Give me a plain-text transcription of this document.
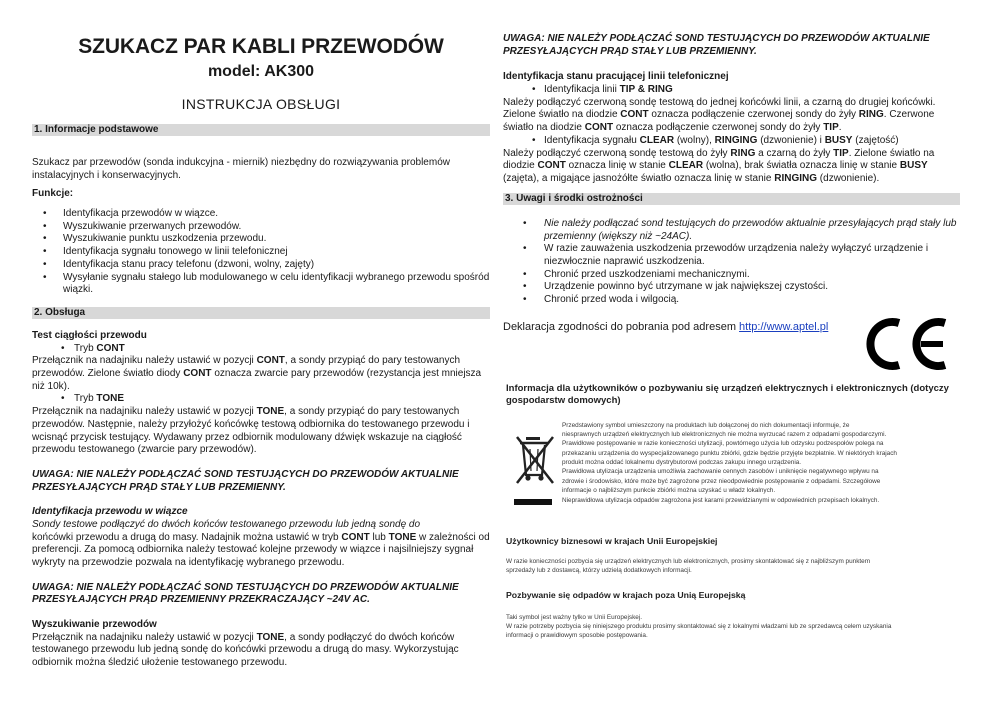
SZUKACZ PAR KABLI PRZEWODÓW
model: AK300
INSTRUKCJA OBSŁUGI
1. Informacje podstawowe

Szukacz par przewodów (sonda indukcyjna - miernik) niezbędny do rozwiązywania problemów instalacyjnych i konserwacyjnych.

Funkcje:

• Identyfikacja przewodów w wiązce.
• Wyszukiwanie przerwanych przewodów.
• Wyszukiwanie punktu uszkodzenia przewodu.
• Identyfikacja sygnału tonowego w linii telefonicznej
• Identyfikacja stanu pracy telefonu (dzwoni, wolny, zajęty)
• Wysyłanie sygnału stałego lub modulowanego w celu identyfikacji wybranego przewodu spośród wiązki.
2. Obsługa

Test ciągłości przewodu

• Tryb CONT

Przełącznik na nadajniku należy ustawić w pozycji CONT, a sondy przypiąć do pary testowanych przewodów. Zielone światło diody CONT oznacza zwarcie pary przewodów (rezystancja jest mniejsza niż 10k).

• Tryb TONE

Przełącznik na nadajniku należy ustawić w pozycji TONE, a sondy przypiąć do pary testowanych przewodów. Następnie, należy przyłożyć końcówkę testową odbiornika do testowanego przewodu i wcisnąć przycisk testujący. Wydawany przez odbiornik modulowany dźwięk wskazuje na ciągłość przewodu testowanego (zwarcie pary przewodów).

UWAGA: NIE NALEŻY PODŁĄCZAĆ SOND TESTUJĄCYCH DO PRZEWODÓW AKTUALNIE PRZESYŁAJĄCYCH PRĄD STAŁY LUB PRZEMIENNY.

Identyfikacja przewodu w wiązce

Sondy testowe podłączyć do dwóch końców testowanego przewodu lub jedną sondę do
końcówki przewodu a drugą do masy. Nadajnik można ustawić w tryb CONT lub TONE w zależności od preferencji. Za pomocą odbiornika należy testować kolejne przewody w wiązce i najsilniejszy sygnał wykryty na przewodzie pozwala na identyfikację wybranego przewodu.

UWAGA: NIE NALEŻY PODŁĄCZAĆ SOND TESTUJĄCYCH DO PRZEWODÓW AKTUALNIE PRZESYŁAJĄCYCH PRĄD PRZEMIENNY PRZEKRACZAJĄCY ~24V AC.

Wyszukiwanie przewodów

Przełącznik na nadajniku należy ustawić w pozycji TONE, a sondy podłączyć do dwóch końców testowanego przewodu lub jedną sondę do końcówki przewodu a drugą do masy. Wykorzystując odbiornik można śledzić ułożenie testowanego przewodu.

UWAGA: NIE NALEŻY PODŁĄCZAĆ SOND TESTUJĄCYCH DO PRZEWODÓW AKTUALNIE PRZESYŁAJĄCYCH PRĄD STAŁY LUB PRZEMIENNY.

Identyfikacja stanu pracującej linii telefonicznej

• Identyfikacja linii TIP & RING

Należy podłączyć czerwoną sondę testową do jednej końcówki linii, a czarną do drugiej końcówki. Zielone światło na diodzie CONT oznacza podłączenie czerwonej sondy do żyły RING. Czerwone światło na diodzie CONT oznacza podłączenie czerwonej sondy do żyły TIP.

• Identyfikacja sygnału CLEAR (wolny), RINGING (dzwonienie) i BUSY (zajętość)

Należy podłączyć czerwoną sondę testową do żyły RING a czarną do żyły TIP. Zielone światło na diodzie CONT oznacza linię w stanie CLEAR (wolna), brak światła oznacza linię w stanie BUSY (zajęta), a migające jasnożółte światło oznacza linię w stanie RINGING (dzwonienie).

3. Uwagi i środki ostrożności
• Nie należy podłączać sond testujących do przewodów aktualnie przesyłających prąd stały lub przemienny (większy niż ~24AC).
• W razie zauważenia uszkodzenia przewodów urządzenia należy wyłączyć urządzenie i niezwłocznie naprawić uszkodzenia.
• Chronić przed uszkodzeniami mechanicznymi.
• Urządzenie powinno być utrzymane w jak największej czystości.
• Chronić przed woda i wilgocią.
Deklaracja zgodności do pobrania pod adresem http://www.aptel.pl
Informacja dla użytkowników o pozbywaniu się urządzeń elektrycznych i elektronicznych (dotyczy gospodarstw domowych)
Przedstawiony symbol umieszczony na produktach lub dołączonej do nich dokumentacji informuje, że
niesprawnych urządzeń elektrycznych lub elektronicznych nie można wyrzucać razem z odpadami gospodarczymi.
Prawidłowe postępowanie w razie konieczności utylizacji, powtórnego użycia lub odzysku podzespołów polega na
przekazaniu urządzenia do wyspecjalizowanego punktu zbiórki, gdzie będzie przyjęte bezpłatnie. W niektórych krajach
produkt można oddać lokalnemu dystrybutorowi podczas zakupu innego urządzenia.
Prawidłowa utylizacja urządzenia umożliwia zachowanie cennych zasobów i uniknięcie negatywnego wpływu na
zdrowie i środowisko, które może być zagrożone przez nieodpowiednie postępowanie z odpadami. Szczegółowe
informacje o najbliższym punkcie zbiórki można uzyskać u władz lokalnych.
Nieprawidłowa utylizacja odpadów zagrożona jest karami przewidzianymi w odpowiednich przepisach lokalnych.
Użytkownicy biznesowi w krajach Unii Europejskiej
W razie konieczności pozbycia się urządzeń elektrycznych lub elektronicznych, prosimy skontaktować się z najbliższym punktem
sprzedaży lub z dostawcą, którzy udzielą dodatkowych informacji.
Pozbywanie się odpadów w krajach poza Unią Europejską
Taki symbol jest ważny tylko w Unii Europejskej.
W razie potrzeby pozbycia się niniejszego produktu prosimy skontaktować się z lokalnymi władzami lub ze sprzedawcą celem uzyskania
informacji o prawidłowym sposobie postępowania.
